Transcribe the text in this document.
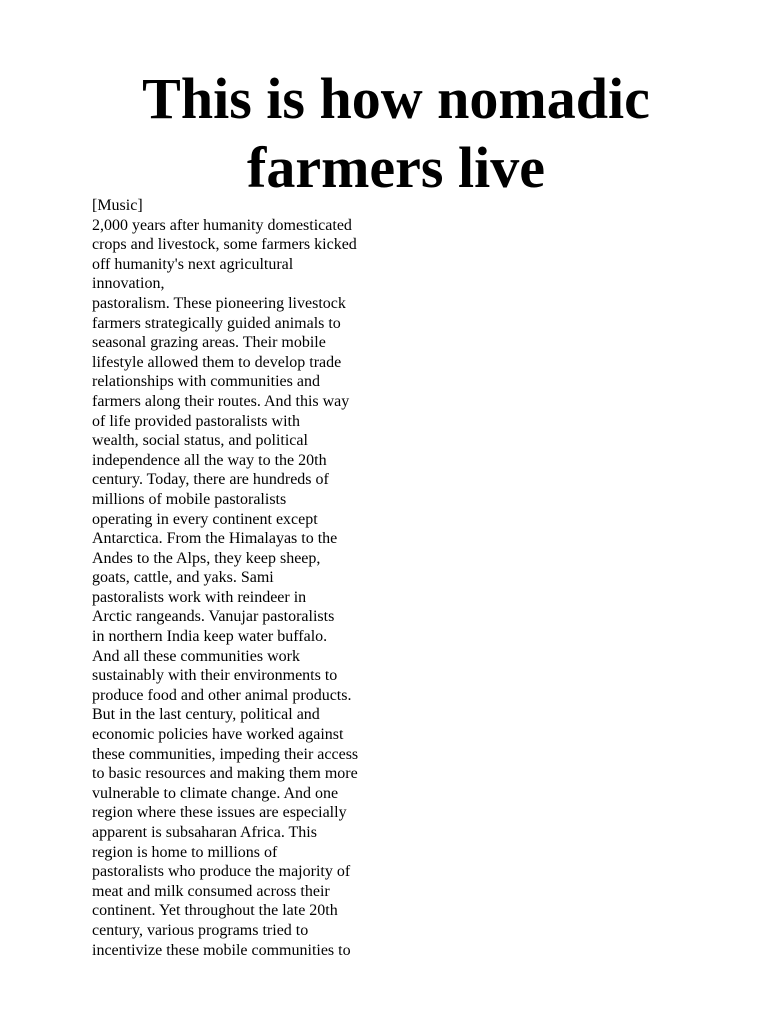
This is how nomadic
farmers live
[Music]
2,000 years after humanity domesticated
crops and livestock, some farmers kicked
off humanity's next agricultural
innovation,
pastoralism. These pioneering livestock
farmers strategically guided animals to
seasonal grazing areas. Their mobile
lifestyle allowed them to develop trade
relationships with communities and
farmers along their routes. And this way
of life provided pastoralists with
wealth, social status, and political
independence all the way to the 20th
century. Today, there are hundreds of
millions of mobile pastoralists
operating in every continent except
Antarctica. From the Himalayas to the
Andes to the Alps, they keep sheep,
goats, cattle, and yaks. Sami
pastoralists work with reindeer in
Arctic rangeands. Vanujar pastoralists
in northern India keep water buffalo.
And all these communities work
sustainably with their environments to
produce food and other animal products.
But in the last century, political and
economic policies have worked against
these communities, impeding their access
to basic resources and making them more
vulnerable to climate change. And one
region where these issues are especially
apparent is subsaharan Africa. This
region is home to millions of
pastoralists who produce the majority of
meat and milk consumed across their
continent. Yet throughout the late 20th
century, various programs tried to
incentivize these mobile communities to
